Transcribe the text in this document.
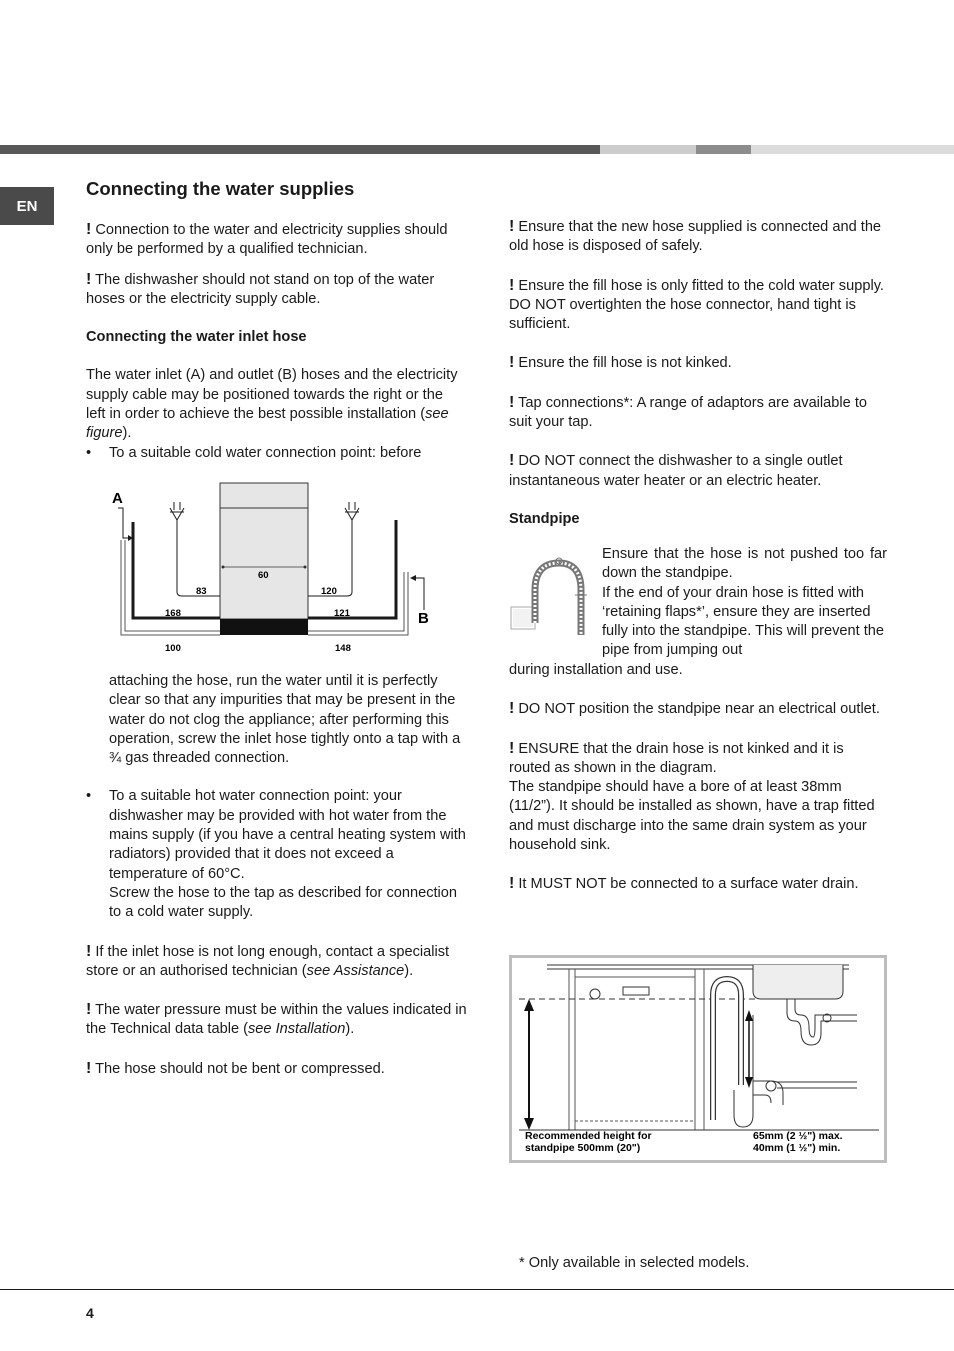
EN
Connecting the water supplies

! Connection to the water and electricity supplies should only be performed by a qualified technician.

! The dishwasher should not stand on top of the water hoses or the electricity supply cable.

Connecting the water inlet hose

The water inlet (A) and outlet (B) hoses and the electricity supply cable may be positioned towards the right or the left in order to achieve the best possible installation (see figure).

• To a suitable cold water connection point: before

A
60
83	120
168	121
100	148
B

attaching the hose, run the water until it is perfectly clear so that any impurities that may be present in the water do not clog the appliance; after performing this operation, screw the inlet hose tightly onto a tap with a ¾ gas threaded connection.

• To a suitable hot water connection point: your dishwasher may be provided with hot water from the mains supply (if you have a central heating system with radiators) provided that it does not exceed a temperature of 60°C.

Screw the hose to the tap as described for connection to a cold water supply.

! If the inlet hose is not long enough, contact a specialist store or an authorised technician (see Assistance).

! The water pressure must be within the values indicated in the Technical data table (see Installation).

! The hose should not be bent or compressed.

! Ensure that the new hose supplied is connected and the old hose is disposed of safely.

! Ensure the fill hose is only fitted to the cold water supply. DO NOT overtighten the hose connector, hand tight is sufficient.

! Ensure the fill hose is not kinked.

! Tap connections*: A range of adaptors are available to suit your tap.

! DO NOT connect the dishwasher to a single outlet instantaneous water heater or an electric heater.

Standpipe

Ensure that the hose is not pushed too far down the standpipe.

If the end of your drain hose is fitted with ‘retaining flaps*’, ensure they are inserted fully into the standpipe. This will prevent the pipe from jumping out

during installation and use.

! DO NOT position the standpipe near an electrical outlet.

! ENSURE that the drain hose is not kinked and it is routed as shown in the diagram.

The standpipe should have a bore of at least 38mm (11/2”). It should be installed as shown, have a trap fitted and must discharge into the same drain system as your household sink.

! It MUST NOT be connected to a surface water drain.

Recommended height for
standpipe 500mm (20")
65mm (2 ½") max.
40mm (1 ½") min.
* Only available in selected models.
4
